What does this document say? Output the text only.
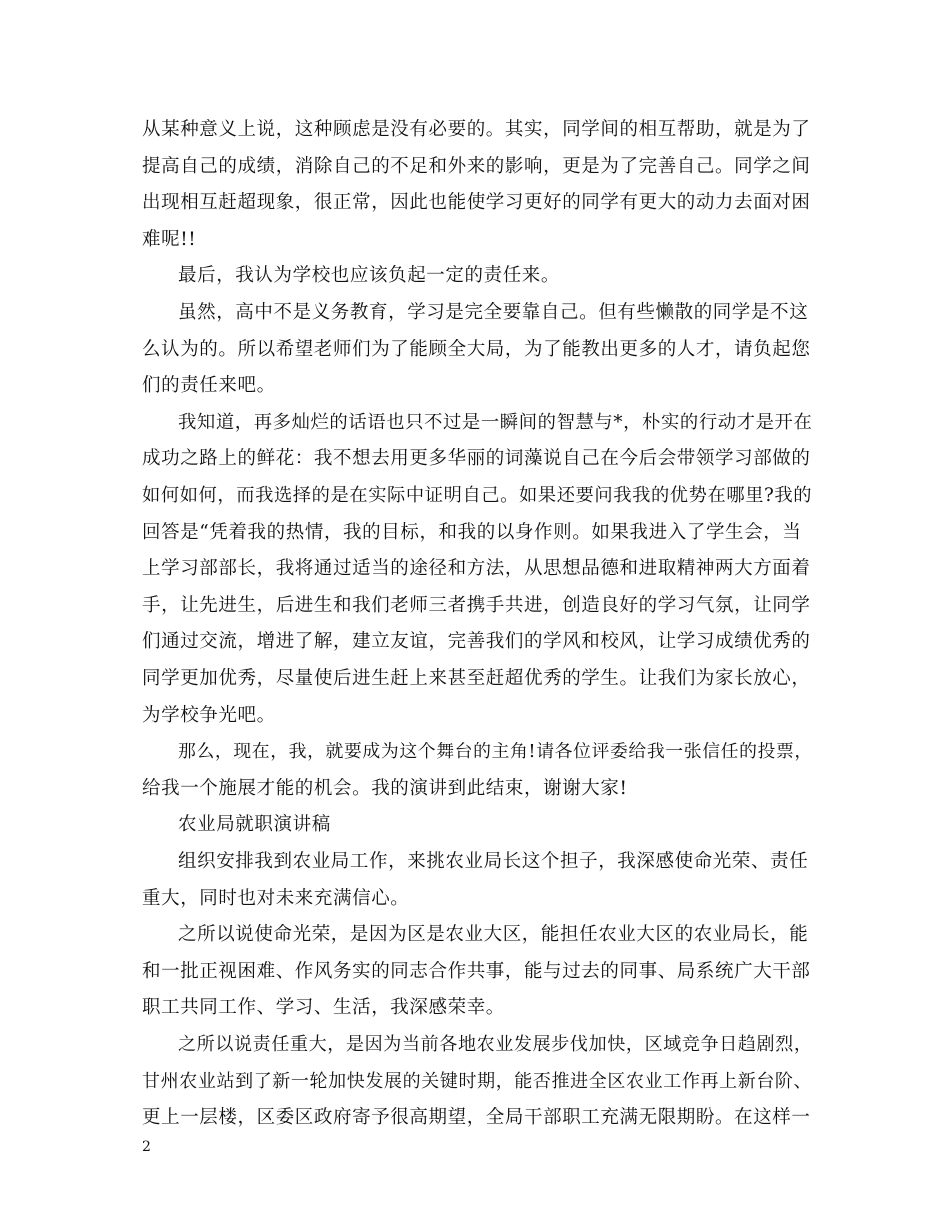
从某种意义上说，这种顾虑是没有必要的。其实，同学间的相互帮助，就是为了
提高自己的成绩，消除自己的不足和外来的影响，更是为了完善自己。同学之间
出现相互赶超现象，很正常，因此也能使学习更好的同学有更大的动力去面对困
难呢!!
最后，我认为学校也应该负起一定的责任来。
虽然，高中不是义务教育，学习是完全要靠自己。但有些懒散的同学是不这
么认为的。所以希望老师们为了能顾全大局，为了能教出更多的人才，请负起您
们的责任来吧。
我知道，再多灿烂的话语也只不过是一瞬间的智慧与*，朴实的行动才是开在
成功之路上的鲜花：我不想去用更多华丽的词藻说自己在今后会带领学习部做的
如何如何，而我选择的是在实际中证明自己。如果还要问我我的优势在哪里?我的
回答是“凭着我的热情，我的目标，和我的以身作则。如果我进入了学生会，当
上学习部部长，我将通过适当的途径和方法，从思想品德和进取精神两大方面着
手，让先进生，后进生和我们老师三者携手共进，创造良好的学习气氛，让同学
们通过交流，增进了解，建立友谊，完善我们的学风和校风，让学习成绩优秀的
同学更加优秀，尽量使后进生赶上来甚至赶超优秀的学生。让我们为家长放心，
为学校争光吧。
那么，现在，我，就要成为这个舞台的主角!请各位评委给我一张信任的投票，
给我一个施展才能的机会。我的演讲到此结束，谢谢大家!
农业局就职演讲稿
组织安排我到农业局工作，来挑农业局长这个担子，我深感使命光荣、责任
重大，同时也对未来充满信心。
之所以说使命光荣，是因为区是农业大区，能担任农业大区的农业局长，能
和一批正视困难、作风务实的同志合作共事，能与过去的同事、局系统广大干部
职工共同工作、学习、生活，我深感荣幸。
之所以说责任重大，是因为当前各地农业发展步伐加快，区域竞争日趋剧烈，
甘州农业站到了新一轮加快发展的关键时期，能否推进全区农业工作再上新台阶、
更上一层楼，区委区政府寄予很高期望，全局干部职工充满无限期盼。在这样一
2
